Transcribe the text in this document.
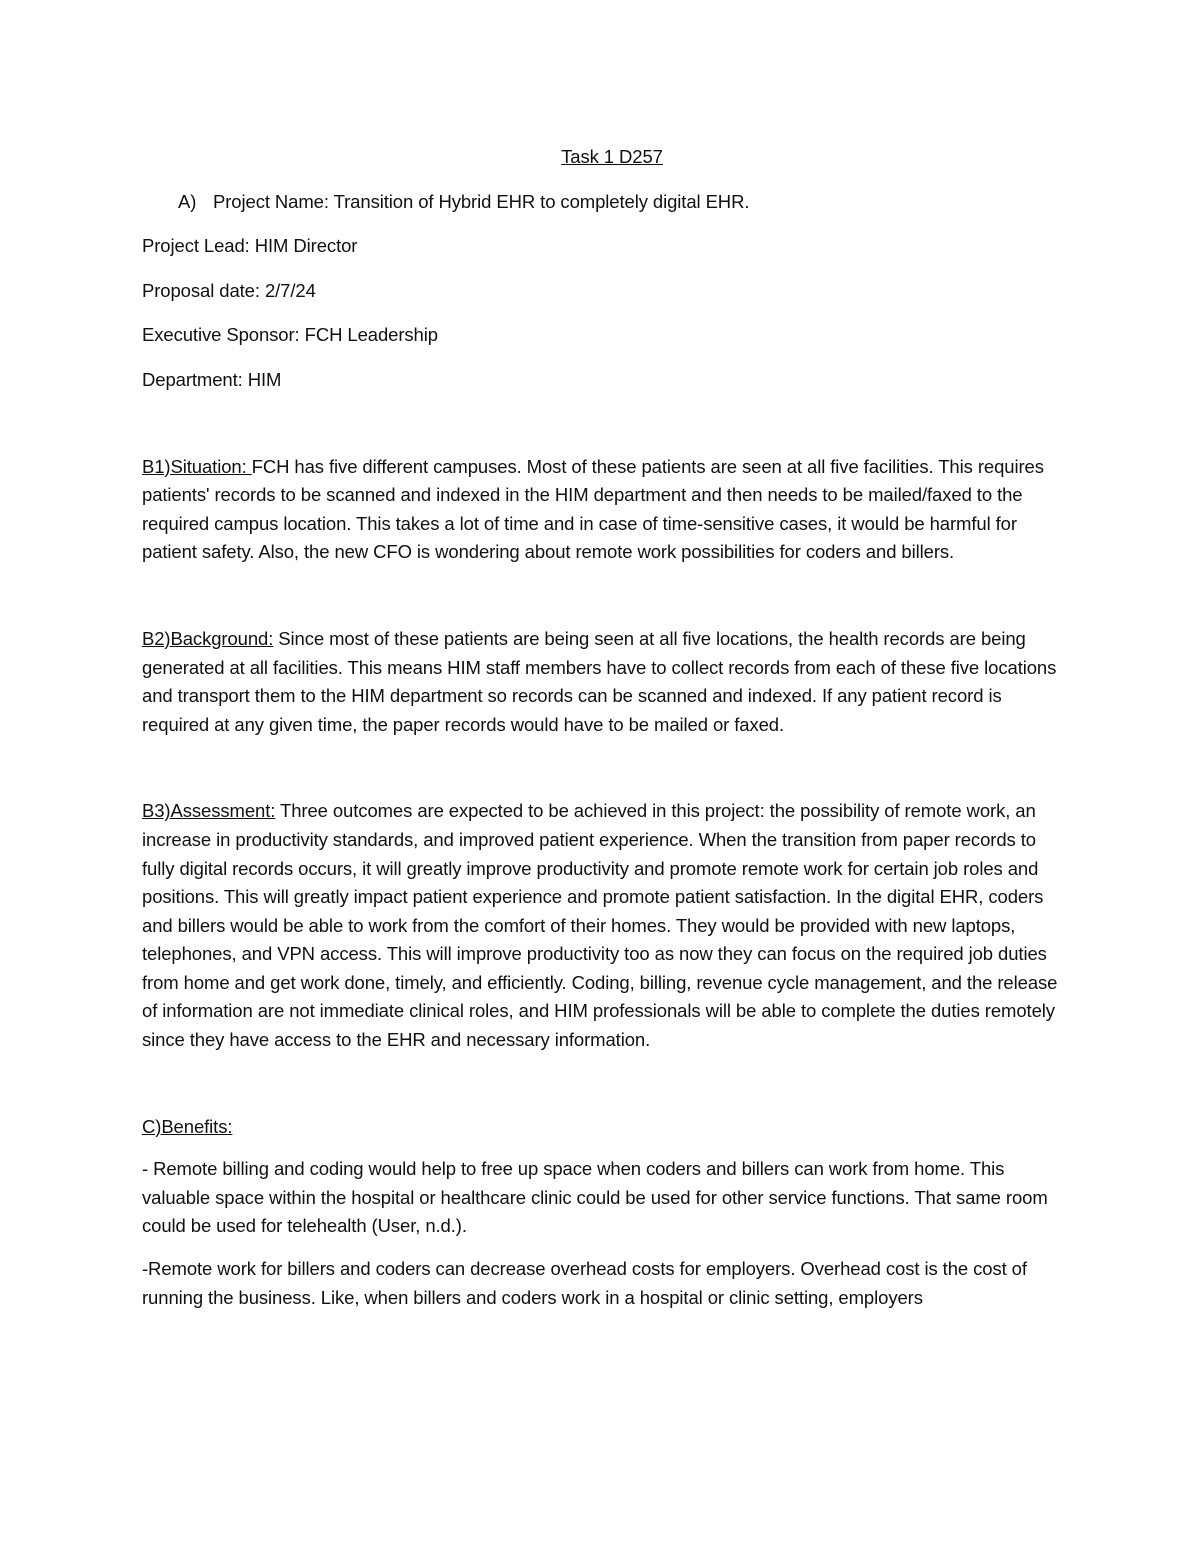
Task 1 D257

A) Project Name: Transition of Hybrid EHR to completely digital EHR.

Project Lead: HIM Director

Proposal date: 2/7/24

Executive Sponsor: FCH Leadership

Department: HIM

B1)Situation: FCH has five different campuses. Most of these patients are seen at all five facilities. This requires patients' records to be scanned and indexed in the HIM department and then needs to be mailed/faxed to the required campus location. This takes a lot of time and in case of time-sensitive cases, it would be harmful for patient safety. Also, the new CFO is wondering about remote work possibilities for coders and billers.

B2)Background: Since most of these patients are being seen at all five locations, the health records are being generated at all facilities. This means HIM staff members have to collect records from each of these five locations and transport them to the HIM department so records can be scanned and indexed. If any patient record is required at any given time, the paper records would have to be mailed or faxed.

B3)Assessment: Three outcomes are expected to be achieved in this project: the possibility of remote work, an increase in productivity standards, and improved patient experience. When the transition from paper records to fully digital records occurs, it will greatly improve productivity and promote remote work for certain job roles and positions. This will greatly impact patient experience and promote patient satisfaction. In the digital EHR, coders and billers would be able to work from the comfort of their homes. They would be provided with new laptops, telephones, and VPN access. This will improve productivity too as now they can focus on the required job duties from home and get work done, timely, and efficiently. Coding, billing, revenue cycle management, and the release of information are not immediate clinical roles, and HIM professionals will be able to complete the duties remotely since they have access to the EHR and necessary information.

C)Benefits:

- Remote billing and coding would help to free up space when coders and billers can work from home. This valuable space within the hospital or healthcare clinic could be used for other service functions. That same room could be used for telehealth (User, n.d.).

-Remote work for billers and coders can decrease overhead costs for employers. Overhead cost is the cost of running the business. Like, when billers and coders work in a hospital or clinic setting, employers
